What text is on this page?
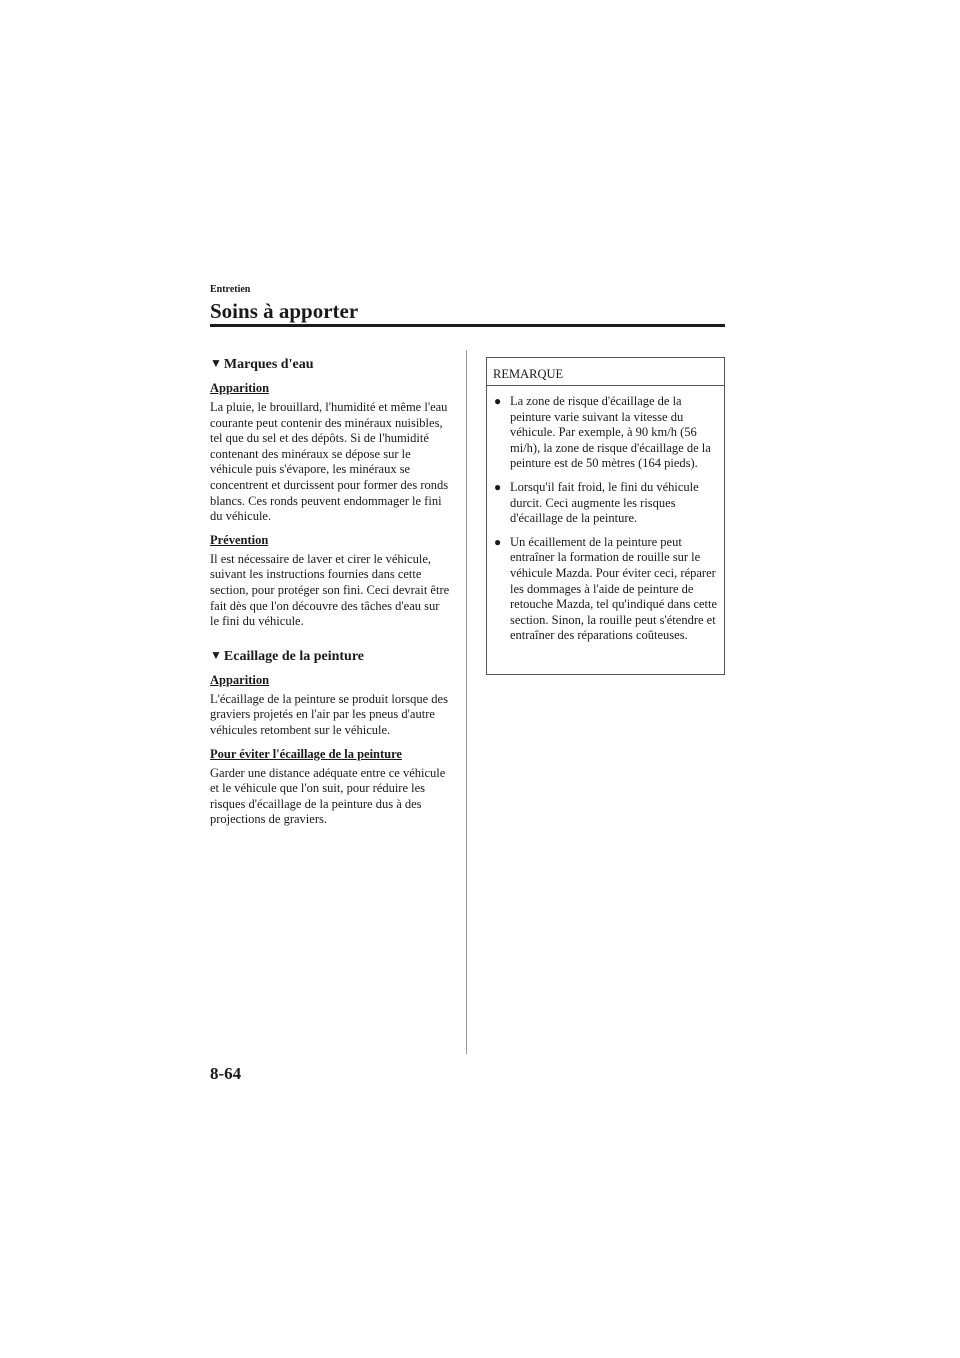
Entretien
Soins à apporter
▼ Marques d'eau
Apparition

La pluie, le brouillard, l'humidité et même l'eau courante peut contenir des minéraux nuisibles, tel que du sel et des dépôts. Si de l'humidité contenant des minéraux se dépose sur le véhicule puis s'évapore, les minéraux se concentrent et durcissent pour former des ronds blancs. Ces ronds peuvent endommager le fini du véhicule.

Prévention

Il est nécessaire de laver et cirer le véhicule, suivant les instructions fournies dans cette section, pour protéger son fini. Ceci devrait être fait dès que l'on découvre des tâches d'eau sur le fini du véhicule.

▼ Ecaillage de la peinture
Apparition

L'écaillage de la peinture se produit lorsque des graviers projetés en l'air par les pneus d'autre véhicules retombent sur le véhicule.

Pour éviter l'écaillage de la peinture

Garder une distance adéquate entre ce véhicule et le véhicule que l'on suit, pour réduire les risques d'écaillage de la peinture dus à des projections de graviers.

REMARQUE
● La zone de risque d'écaillage de la peinture varie suivant la vitesse du véhicule. Par exemple, à 90 km/h (56 mi/h), la zone de risque d'écaillage de la peinture est de 50 mètres (164 pieds).
● Lorsqu'il fait froid, le fini du véhicule durcit. Ceci augmente les risques d'écaillage de la peinture.
● Un écaillement de la peinture peut entraîner la formation de rouille sur le véhicule Mazda. Pour éviter ceci, réparer les dommages à l'aide de peinture de retouche Mazda, tel qu'indiqué dans cette section. Sinon, la rouille peut s'étendre et entraîner des réparations coûteuses.
8-64
